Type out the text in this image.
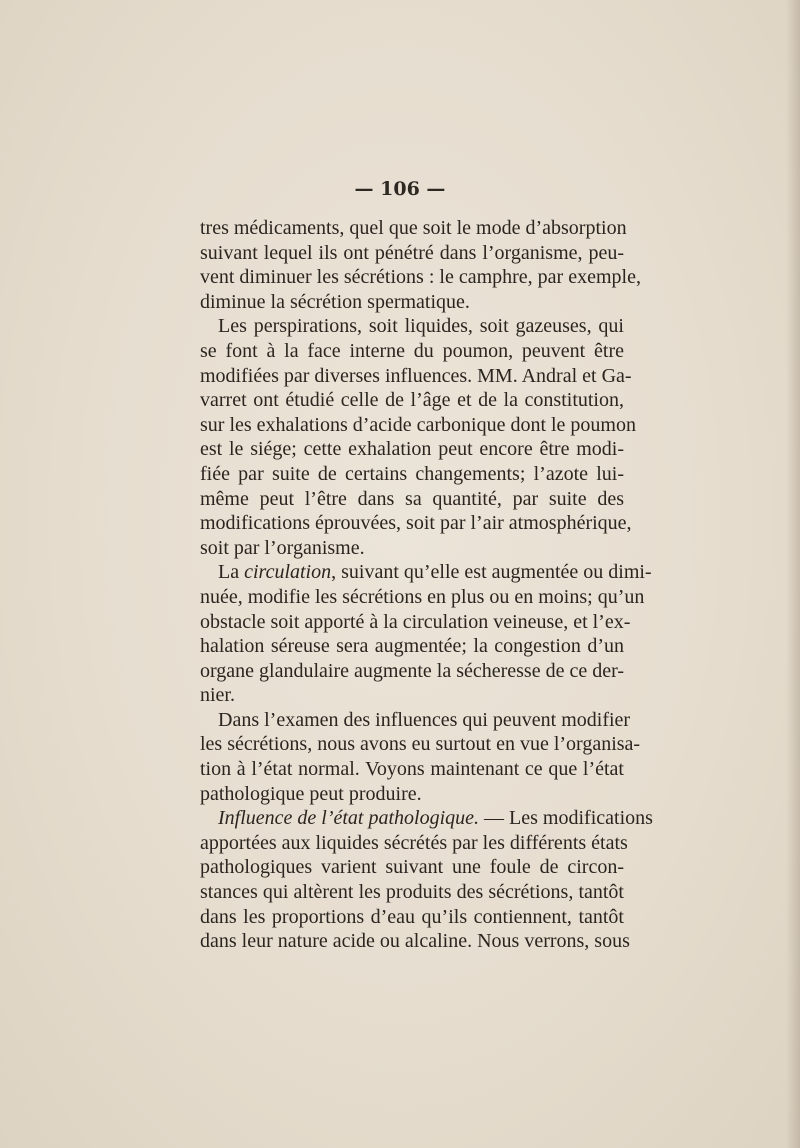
— 106 —
tres médicaments, quel que soit le mode d’absorption
suivant lequel ils ont pénétré dans l’organisme, peu-
vent diminuer les sécrétions : le camphre, par exemple,
diminue la sécrétion spermatique.
Les perspirations, soit liquides, soit gazeuses, qui
se font à la face interne du poumon, peuvent être
modifiées par diverses influences. MM. Andral et Ga-
varret ont étudié celle de l’âge et de la constitution,
sur les exhalations d’acide carbonique dont le poumon
est le siége; cette exhalation peut encore être modi-
fiée par suite de certains changements; l’azote lui-
même peut l’être dans sa quantité, par suite des
modifications éprouvées, soit par l’air atmosphérique,
soit par l’organisme.
La circulation, suivant qu’elle est augmentée ou dimi-
nuée, modifie les sécrétions en plus ou en moins; qu’un
obstacle soit apporté à la circulation veineuse, et l’ex-
halation séreuse sera augmentée; la congestion d’un
organe glandulaire augmente la sécheresse de ce der-
nier.
Dans l’examen des influences qui peuvent modifier
les sécrétions, nous avons eu surtout en vue l’organisa-
tion à l’état normal. Voyons maintenant ce que l’état
pathologique peut produire.
Influence de l’état pathologique. — Les modifications
apportées aux liquides sécrétés par les différents états
pathologiques varient suivant une foule de circon-
stances qui altèrent les produits des sécrétions, tantôt
dans les proportions d’eau qu’ils contiennent, tantôt
dans leur nature acide ou alcaline. Nous verrons, sous
